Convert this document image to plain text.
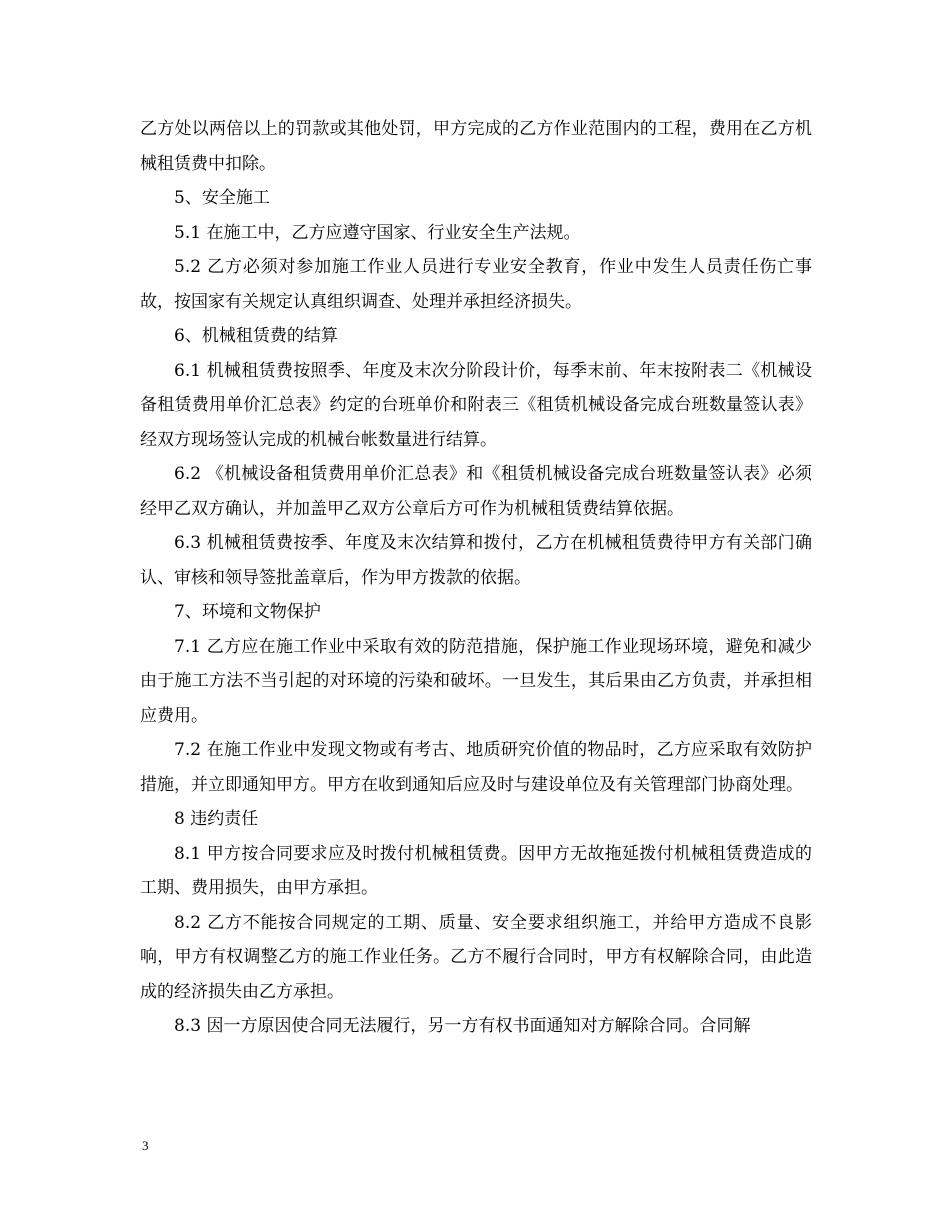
乙方处以两倍以上的罚款或其他处罚，甲方完成的乙方作业范围内的工程，费用在乙方机械租赁费中扣除。

5、安全施工

5.1 在施工中，乙方应遵守国家、行业安全生产法规。

5.2 乙方必须对参加施工作业人员进行专业安全教育，作业中发生人员责任伤亡事故，按国家有关规定认真组织调查、处理并承担经济损失。

6、机械租赁费的结算

6.1 机械租赁费按照季、年度及末次分阶段计价，每季末前、年末按附表二《机械设备租赁费用单价汇总表》约定的台班单价和附表三《租赁机械设备完成台班数量签认表》经双方现场签认完成的机械台帐数量进行结算。

6.2 《机械设备租赁费用单价汇总表》和《租赁机械设备完成台班数量签认表》必须经甲乙双方确认，并加盖甲乙双方公章后方可作为机械租赁费结算依据。

6.3 机械租赁费按季、年度及末次结算和拨付，乙方在机械租赁费待甲方有关部门确认、审核和领导签批盖章后，作为甲方拨款的依据。

7、环境和文物保护

7.1 乙方应在施工作业中采取有效的防范措施，保护施工作业现场环境，避免和减少由于施工方法不当引起的对环境的污染和破坏。一旦发生，其后果由乙方负责，并承担相应费用。

7.2 在施工作业中发现文物或有考古、地质研究价值的物品时，乙方应采取有效防护措施，并立即通知甲方。甲方在收到通知后应及时与建设单位及有关管理部门协商处理。

8 违约责任

8.1 甲方按合同要求应及时拨付机械租赁费。因甲方无故拖延拨付机械租赁费造成的工期、费用损失，由甲方承担。

8.2 乙方不能按合同规定的工期、质量、安全要求组织施工，并给甲方造成不良影响，甲方有权调整乙方的施工作业任务。乙方不履行合同时，甲方有权解除合同，由此造成的经济损失由乙方承担。

8.3 因一方原因使合同无法履行，另一方有权书面通知对方解除合同。合同解

3
